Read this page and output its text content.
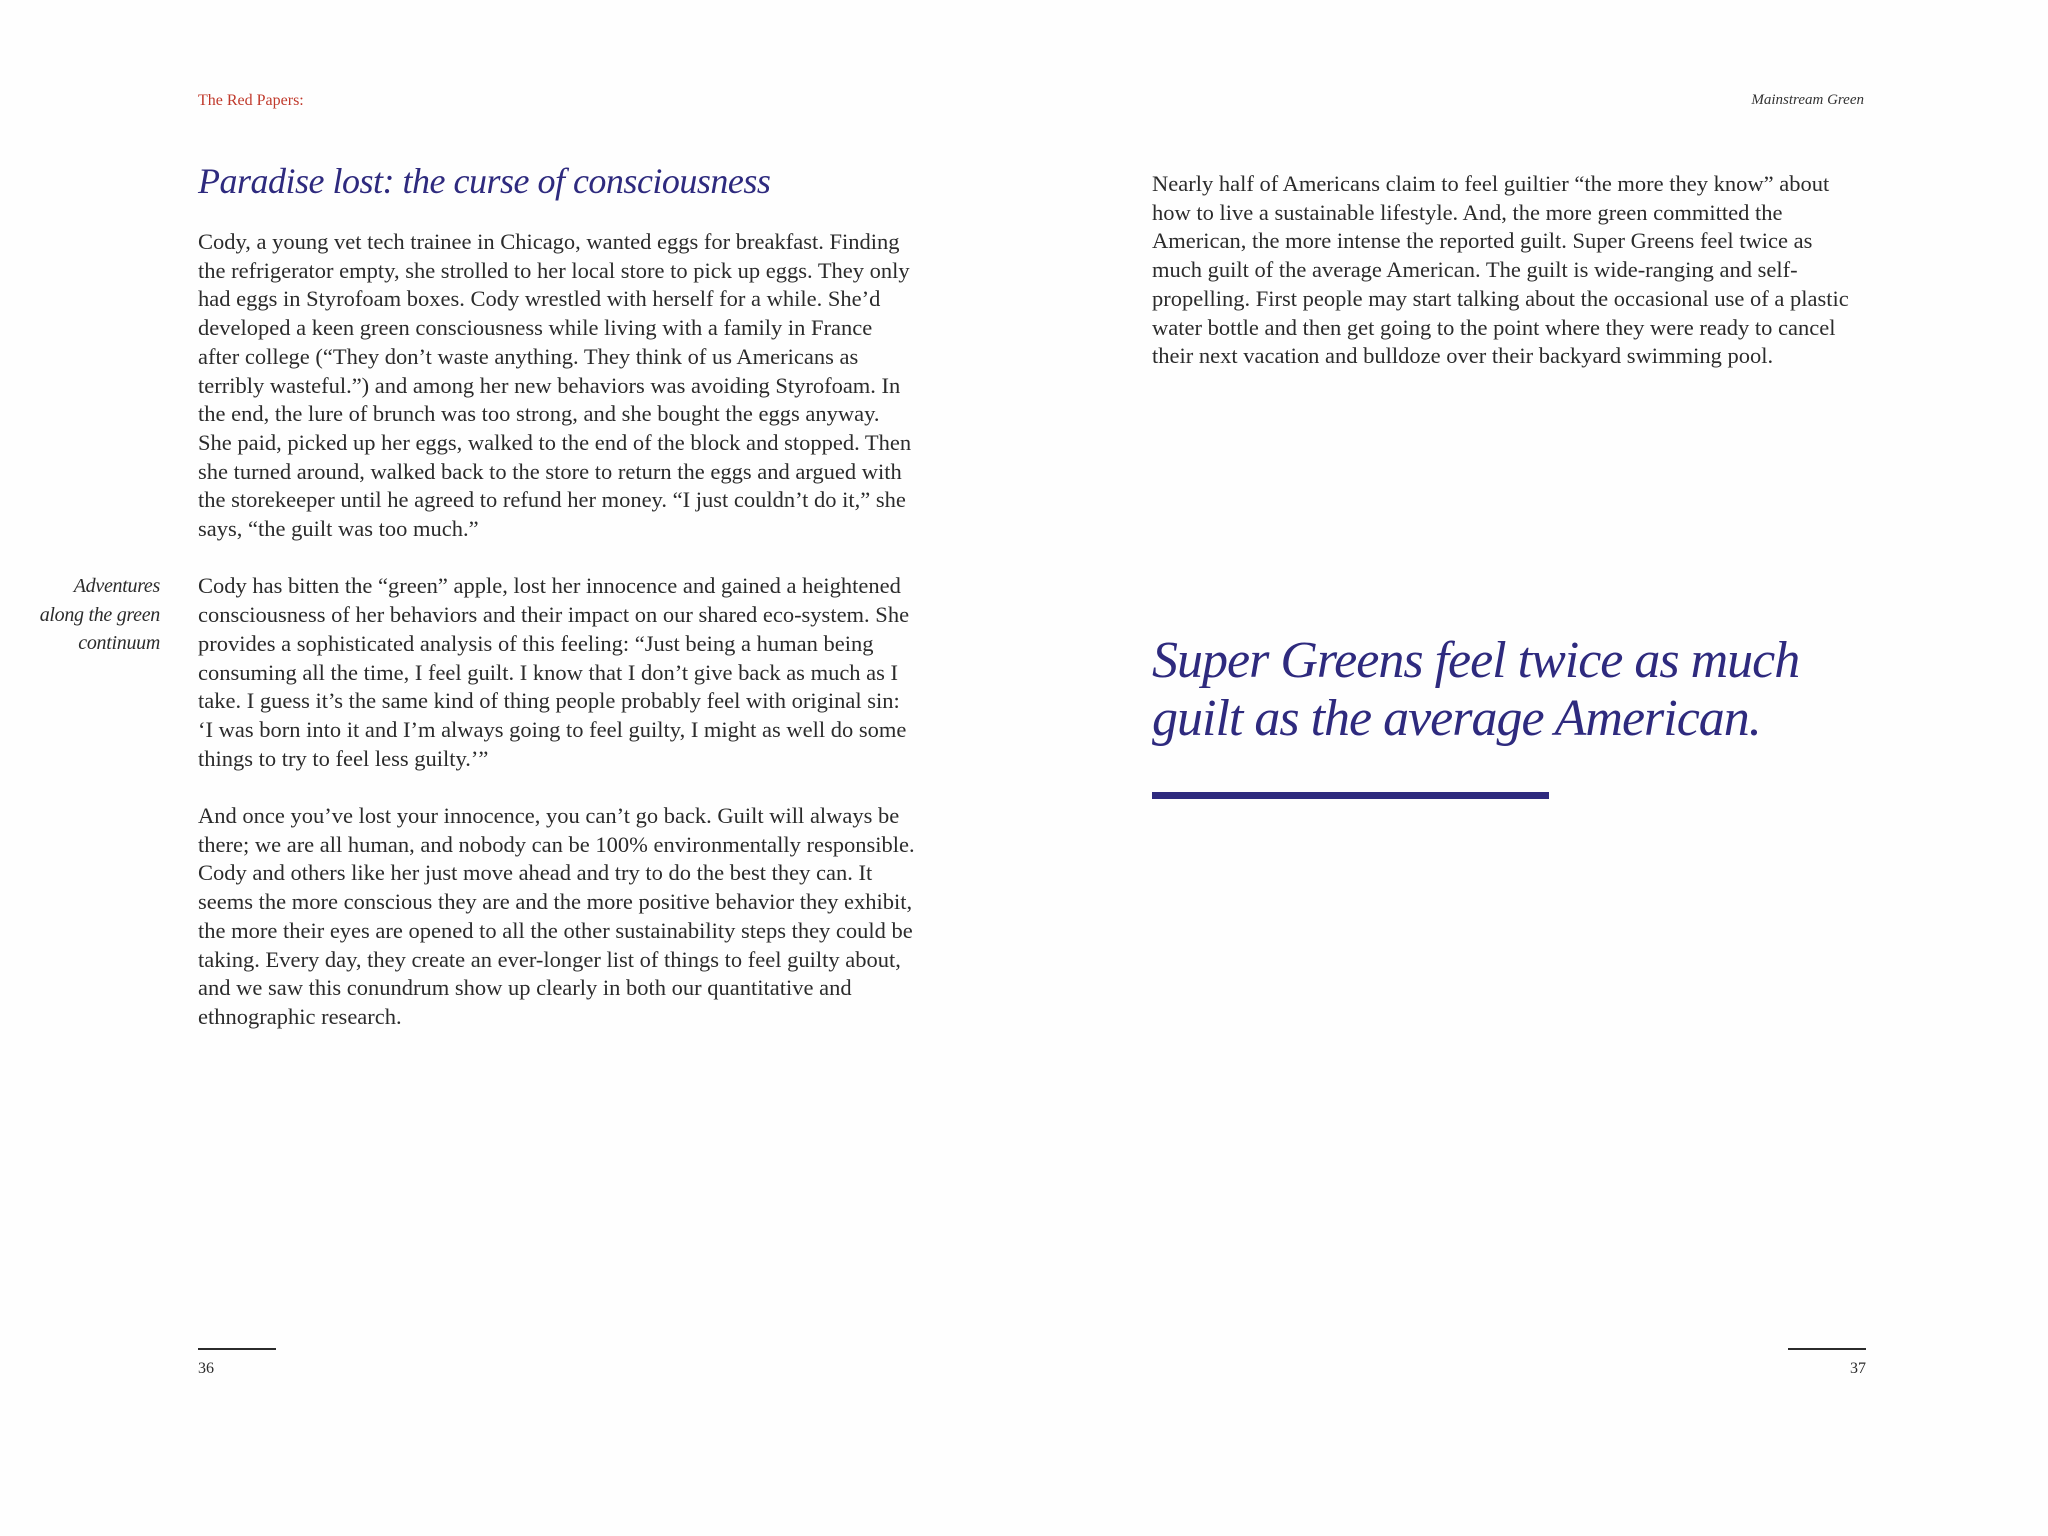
The Red Papers:	Mainstream Green
Paradise lost: the curse of consciousness
Adventures
along the green
continuum

Cody, a young vet tech trainee in Chicago, wanted eggs for breakfast. Finding the refrigerator empty, she strolled to her local store to pick up eggs. They only had eggs in Styrofoam boxes. Cody wrestled with herself for a while. She’d developed a keen green consciousness while living with a family in France after college (“They don’t waste anything. They think of us Americans as terribly wasteful.”) and among her new behaviors was avoiding Styrofoam. In the end, the lure of brunch was too strong, and she bought the eggs anyway. She paid, picked up her eggs, walked to the end of the block and stopped. Then she turned around, walked back to the store to return the eggs and argued with the storekeeper until he agreed to refund her money. “I just couldn’t do it,” she says, “the guilt was too much.”

Cody has bitten the “green” apple, lost her innocence and gained a heightened consciousness of her behaviors and their impact on our shared eco-system. She provides a sophisticated analysis of this feeling: “Just being a human being consuming all the time, I feel guilt. I know that I don’t give back as much as I take. I guess it’s the same kind of thing people probably feel with original sin: ‘I was born into it and I’m always going to feel guilty, I might as well do some things to try to feel less guilty.’”

And once you’ve lost your innocence, you can’t go back. Guilt will always be there; we are all human, and nobody can be 100% environmentally responsible. Cody and others like her just move ahead and try to do the best they can. It seems the more conscious they are and the more positive behavior they exhibit, the more their eyes are opened to all the other sustainability steps they could be taking. Every day, they create an ever-longer list of things to feel guilty about, and we saw this conundrum show up clearly in both our quantitative and ethnographic research.

Nearly half of Americans claim to feel guiltier “the more they know” about how to live a sustainable lifestyle. And, the more green committed the American, the more intense the reported guilt. Super Greens feel twice as much guilt of the average American. The guilt is wide-ranging and self-propelling. First people may start talking about the occasional use of a plastic water bottle and then get going to the point where they were ready to cancel their next vacation and bulldoze over their backyard swimming pool.

Super Greens feel twice as much guilt as the average American.
36	37
